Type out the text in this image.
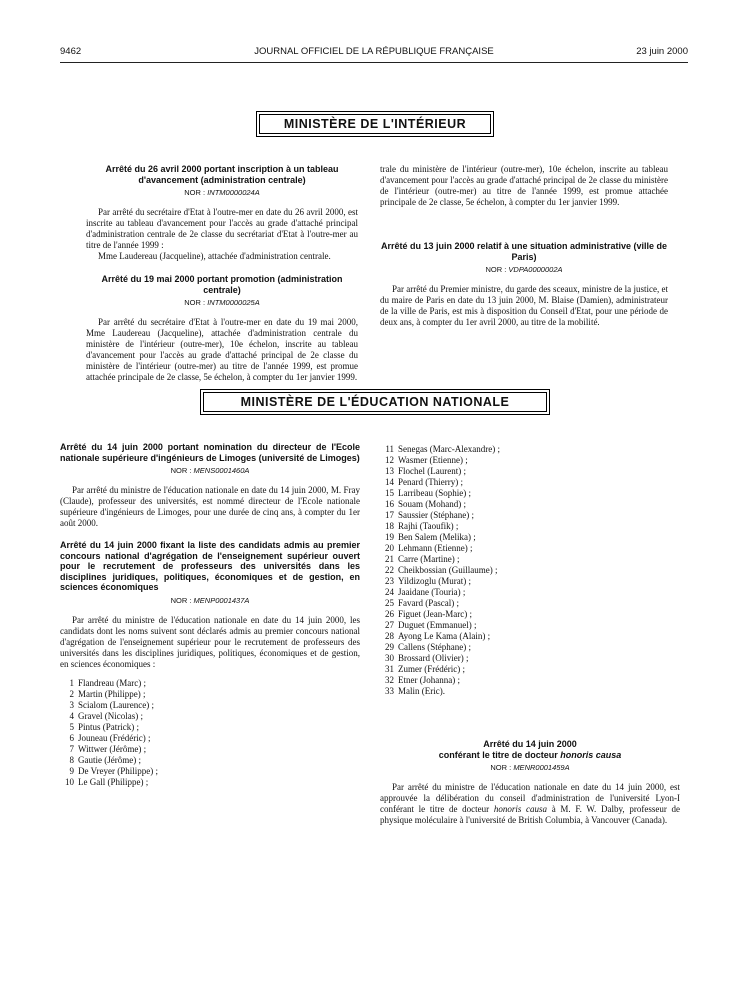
9462	JOURNAL OFFICIEL DE LA RÉPUBLIQUE FRANÇAISE	23 juin 2000
MINISTÈRE DE L'INTÉRIEUR
Arrêté du 26 avril 2000 portant inscription à un tableau d'avancement (administration centrale)
NOR : INTM0000024A

Par arrêté du secrétaire d'Etat à l'outre-mer en date du 26 avril 2000, est inscrite au tableau d'avancement pour l'accès au grade d'attaché principal d'administration centrale de 2e classe du secrétariat d'Etat à l'outre-mer au titre de l'année 1999 :

Mme Laudereau (Jacqueline), attachée d'administration centrale.

Arrêté du 19 mai 2000 portant promotion (administration centrale)
NOR : INTM0000025A

Par arrêté du secrétaire d'Etat à l'outre-mer en date du 19 mai 2000, Mme Laudereau (Jacqueline), attachée d'administration centrale du ministère de l'intérieur (outre-mer), 10e échelon, inscrite au tableau d'avancement pour l'accès au grade d'attaché principal de 2e classe du ministère de l'intérieur (outre-mer) au titre de l'année 1999, est promue attachée principale de 2e classe, 5e échelon, à compter du 1er janvier 1999.

trale du ministère de l'intérieur (outre-mer), 10e échelon, inscrite au tableau d'avancement pour l'accès au grade d'attaché principal de 2e classe du ministère de l'intérieur (outre-mer) au titre de l'année 1999, est promue attachée principale de 2e classe, 5e échelon, à compter du 1er janvier 1999.

Arrêté du 13 juin 2000 relatif à une situation administrative (ville de Paris)
NOR : VDPA0000002A

Par arrêté du Premier ministre, du garde des sceaux, ministre de la justice, et du maire de Paris en date du 13 juin 2000, M. Blaise (Damien), administrateur de la ville de Paris, est mis à disposition du Conseil d'Etat, pour une période de deux ans, à compter du 1er avril 2000, au titre de la mobilité.

MINISTÈRE DE L'ÉDUCATION NATIONALE
Arrêté du 14 juin 2000 portant nomination du directeur de l'Ecole nationale supérieure d'ingénieurs de Limoges (université de Limoges)
NOR : MENS0001460A

Par arrêté du ministre de l'éducation nationale en date du 14 juin 2000, M. Fray (Claude), professeur des universités, est nommé directeur de l'Ecole nationale supérieure d'ingénieurs de Limoges, pour une durée de cinq ans, à compter du 1er août 2000.

Arrêté du 14 juin 2000 fixant la liste des candidats admis au premier concours national d'agrégation de l'enseignement supérieur ouvert pour le recrutement de professeurs des universités dans les disciplines juridiques, politiques, économiques et de gestion, en sciences économiques
NOR : MENP0001437A

Par arrêté du ministre de l'éducation nationale en date du 14 juin 2000, les candidats dont les noms suivent sont déclarés admis au premier concours national d'agrégation de l'enseignement supérieur pour le recrutement de professeurs des universités dans les disciplines juridiques, politiques, économiques et de gestion, en sciences économiques :

1 Flandreau (Marc) ;
2 Martin (Philippe) ;
3 Scialom (Laurence) ;
4 Gravel (Nicolas) ;
5 Pintus (Patrick) ;
6 Jouneau (Frédéric) ;
7 Wittwer (Jérôme) ;
8 Gautie (Jérôme) ;
9 De Vreyer (Philippe) ;
10 Le Gall (Philippe) ;
11 Senegas (Marc-Alexandre) ;
12 Wasmer (Etienne) ;
13 Flochel (Laurent) ;
14 Penard (Thierry) ;
15 Larribeau (Sophie) ;
16 Souam (Mohand) ;
17 Saussier (Stéphane) ;
18 Rajhi (Taoufik) ;
19 Ben Salem (Melika) ;
20 Lehmann (Etienne) ;
21 Carre (Martine) ;
22 Cheikbossian (Guillaume) ;
23 Yildizoglu (Murat) ;
24 Jaaidane (Touria) ;
25 Favard (Pascal) ;
26 Figuet (Jean-Marc) ;
27 Duguet (Emmanuel) ;
28 Ayong Le Kama (Alain) ;
29 Callens (Stéphane) ;
30 Brossard (Olivier) ;
31 Zumer (Frédéric) ;
32 Etner (Johanna) ;
33 Malin (Eric).
Arrêté du 14 juin 2000
conférant le titre de docteur honoris causa
NOR : MENR0001459A

Par arrêté du ministre de l'éducation nationale en date du 14 juin 2000, est approuvée la délibération du conseil d'administration de l'université Lyon-I conférant le titre de docteur honoris causa à M. F. W. Dalby, professeur de physique moléculaire à l'université de British Columbia, à Vancouver (Canada).
